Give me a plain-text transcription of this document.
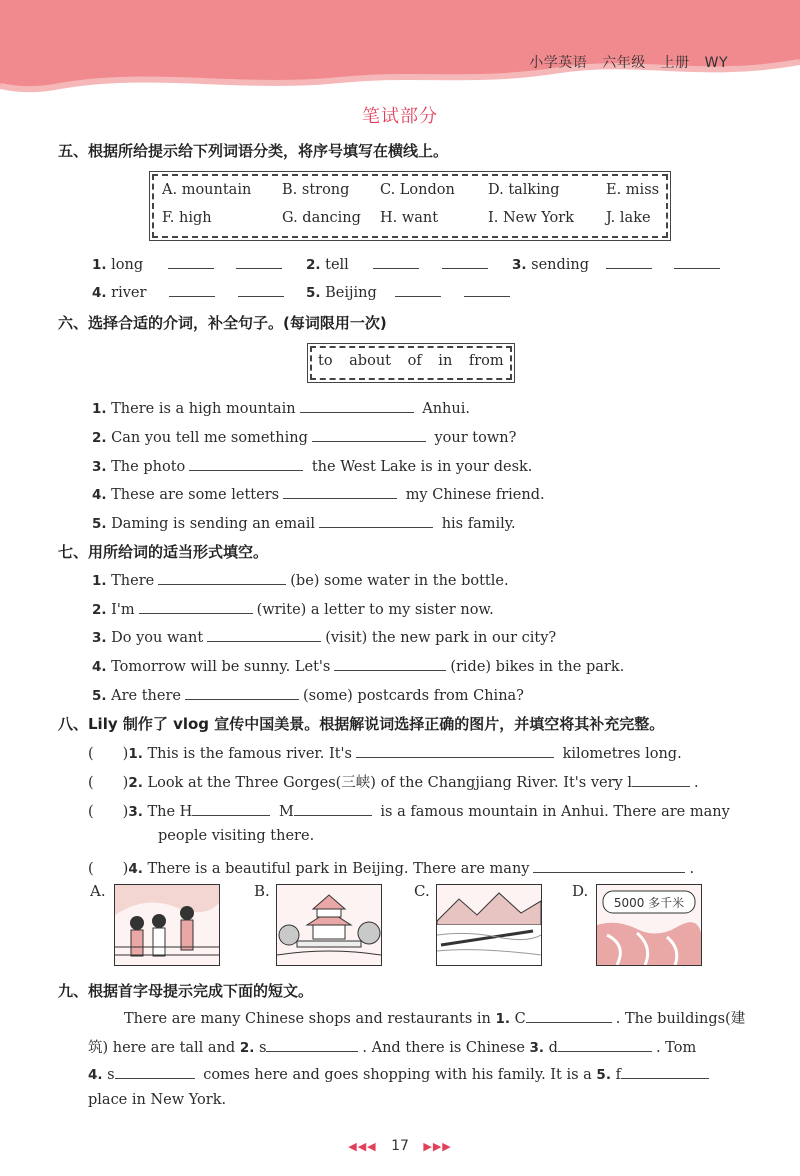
小学英语 六年级 上册 WY
笔试部分
五、根据所给提示给下列词语分类，将序号填写在横线上。
A. mountain B. strong C. London D. talking	E. miss
F. high	G. dancing H. want	I. New York J. lake
1. long	2. tell	3. sending
4. river	5. Beijing
六、选择合适的介词，补全句子。(每词限用一次)
to about of in from
1. There is a high mountain	Anhui.
2. Can you tell me something	your town?
3. The photo	the West Lake is in your desk.
4. These are some letters	my Chinese friend.
5. Daming is sending an email	his family.
七、用所给词的适当形式填空。
1. There	(be) some water in the bottle.
2. I'm	(write) a letter to my sister now.
3. Do you want	(visit) the new park in our city?
4. Tomorrow will be sunny. Let's	(ride) bikes in the park.
5. Are there	(some) postcards from China?
八、Lily 制作了 vlog 宣传中国美景。根据解说词选择正确的图片，并填空将其补充完整。
(　　)1. This is the famous river. It's	kilometres long.
(　　)2. Look at the Three Gorges(三峡) of the Changjiang River. It's very l	.
(　　)3. The H	M	is a famous mountain in Anhui. There are many
people visiting there.
(　　)4. There is a beautiful park in Beijing. There are many	.
A.	B.	C.	D.
5000 多千米
九、根据首字母提示完成下面的短文。
There are many Chinese shops and restaurants in 1. C	. The buildings(建
筑) here are tall and 2. s	. And there is Chinese 3. d	. Tom
4. s	comes here and goes shopping with his family. It is a 5. f
place in New York.
◀◀◀ 17 ▶▶▶
